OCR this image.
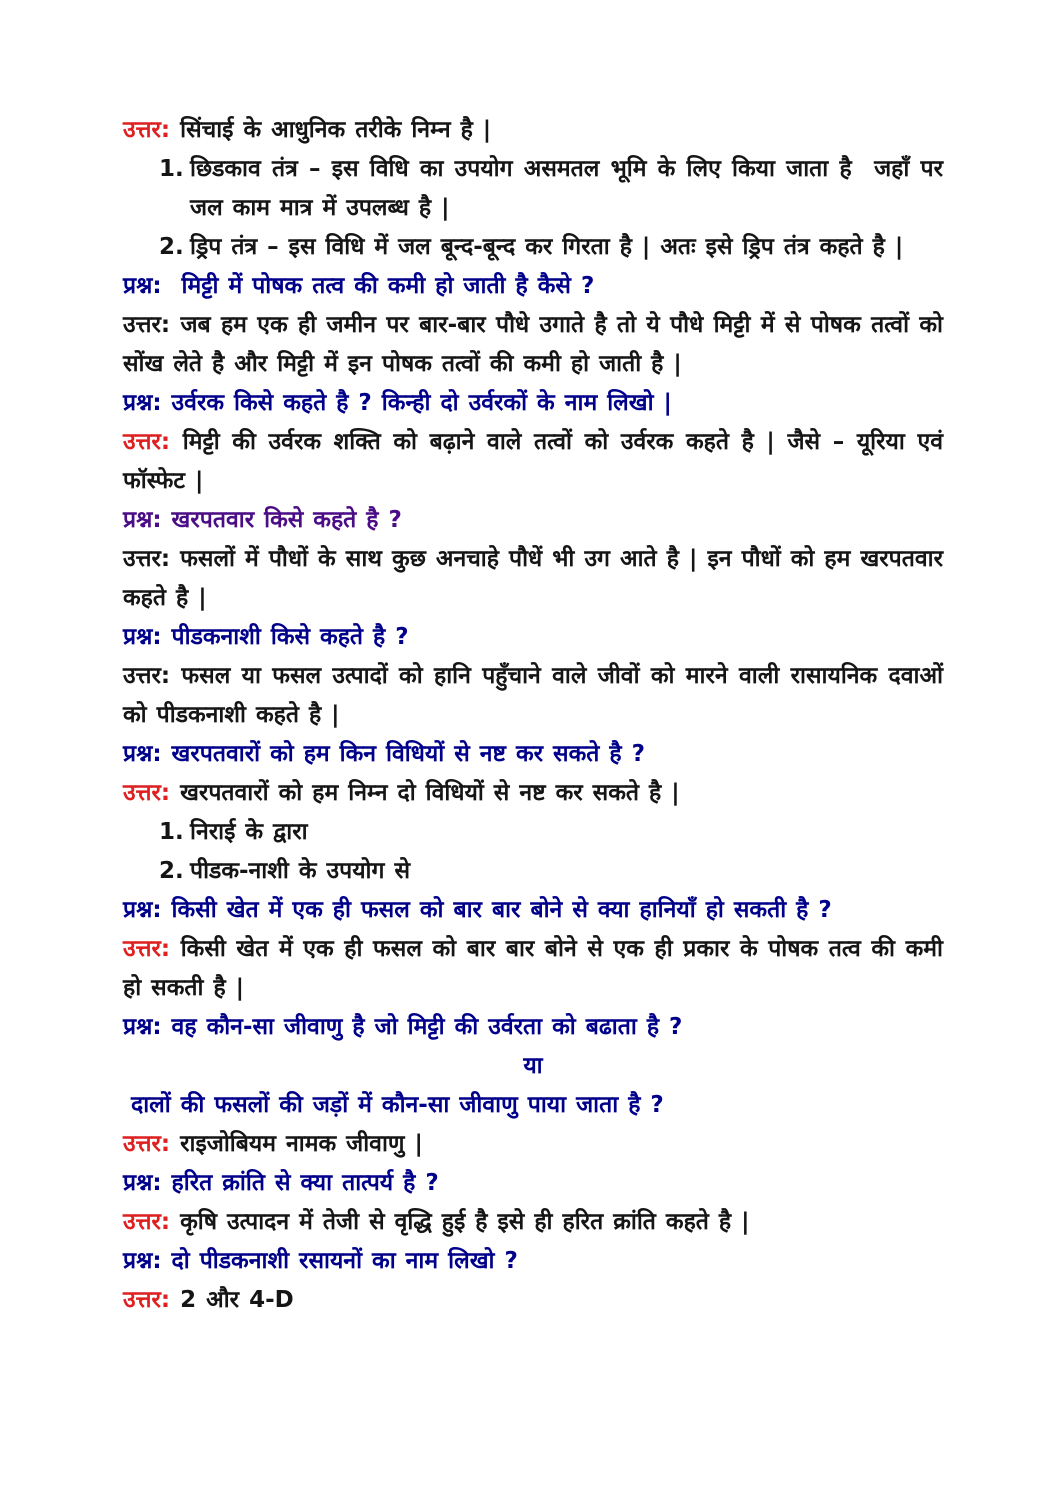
उत्तर: सिंचाई के आधुनिक तरीके निम्न है |

1. छिडकाव तंत्र – इस विधि का उपयोग असमतल भूमि के लिए किया जाता है  जहाँ पर जल काम मात्र में उपलब्ध है |
2. ड्रिप तंत्र – इस विधि में जल बून्द-बून्द कर गिरता है | अतः इसे ड्रिप तंत्र कहते है |

प्रश्न:  मिट्टी में पोषक तत्व की कमी हो जाती है कैसे ?

उत्तर: जब हम एक ही जमीन पर बार-बार पौधे उगाते है तो ये पौधे मिट्टी में से पोषक तत्वों को सोंख लेते है और मिट्टी में इन पोषक तत्वों की कमी हो जाती है |

प्रश्न: उर्वरक किसे कहते है ? किन्ही दो उर्वरकों के नाम लिखो |

उत्तर: मिट्टी की उर्वरक शक्ति को बढ़ाने वाले तत्वों को उर्वरक कहते है | जैसे – यूरिया एवं फॉस्फेट |

प्रश्न: खरपतवार किसे कहते है ?

उत्तर: फसलों में पौधों के साथ कुछ अनचाहे पौधें भी उग आते है | इन पौधों को हम खरपतवार कहते है |

प्रश्न: पीडकनाशी किसे कहते है ?

उत्तर: फसल या फसल उत्पादों को हानि पहुँचाने वाले जीवों को मारने वाली रासायनिक दवाओं को पीडकनाशी कहते है |

प्रश्न: खरपतवारों को हम किन विधियों से नष्ट कर सकते है ?

उत्तर: खरपतवारों को हम निम्न दो विधियों से नष्ट कर सकते है |

1. निराई के द्वारा
2. पीडक-नाशी के उपयोग से

प्रश्न: किसी खेत में एक ही फसल को बार बार बोने से क्या हानियाँ हो सकती है ?

उत्तर: किसी खेत में एक ही फसल को बार बार बोने से एक ही प्रकार के पोषक तत्व की कमी हो सकती है |

प्रश्न: वह कौन-सा जीवाणु है जो मिट्टी की उर्वरता को बढाता है ?

या

दालों की फसलों की जड़ों में कौन-सा जीवाणु पाया जाता है ?

उत्तर: राइजोबियम नामक जीवाणु |

प्रश्न: हरित क्रांति से क्या तात्पर्य है ?

उत्तर: कृषि उत्पादन में तेजी से वृद्धि हुई है इसे ही हरित क्रांति कहते है |

प्रश्न: दो पीडकनाशी रसायनों का नाम लिखो ?

उत्तर: 2 और 4-D
